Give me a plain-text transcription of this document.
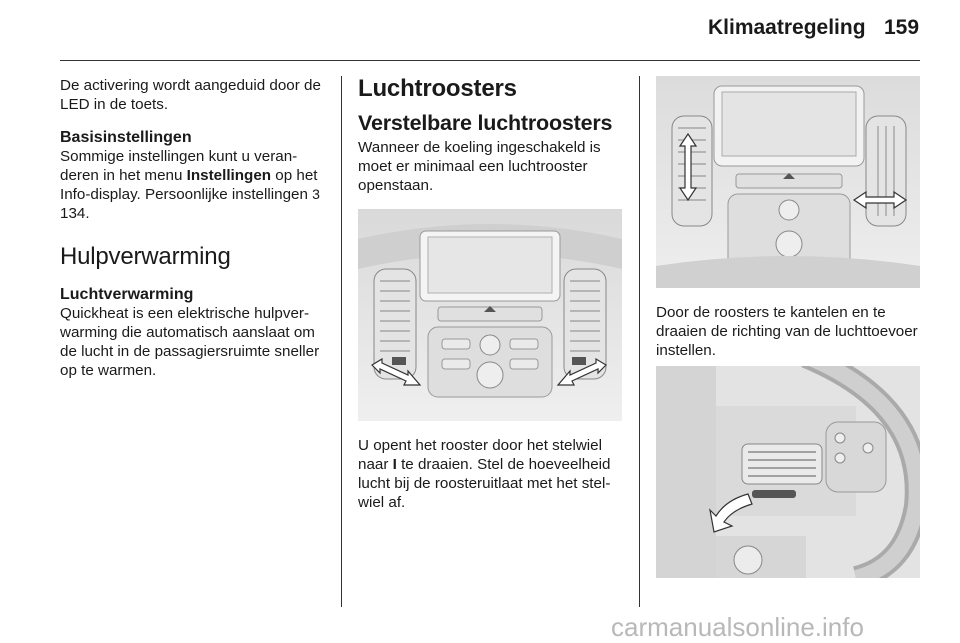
Klimaatregeling 159

De activering wordt aangeduid door de LED in de toets.

Basisinstellingen

Sommige instellingen kunt u veranderen in het menu Instellingen op het Info-display. Persoonlijke instellingen 3 134.

Hulpverwarming
Luchtverwarming

Quickheat is een elektrische hulpverwarming die automatisch aanslaat om de lucht in de passagiersruimte sneller op te warmen.

Luchtroosters
Verstelbare luchtroosters

Wanneer de koeling ingeschakeld is moet er minimaal een luchtrooster openstaan.

U opent het rooster door het stelwiel naar I te draaien. Stel de hoeveelheid lucht bij de roosteruitlaat met het stelwiel af.

Door de roosters te kantelen en te draaien de richting van de luchttoevoer instellen.

carmanualsonline.info
